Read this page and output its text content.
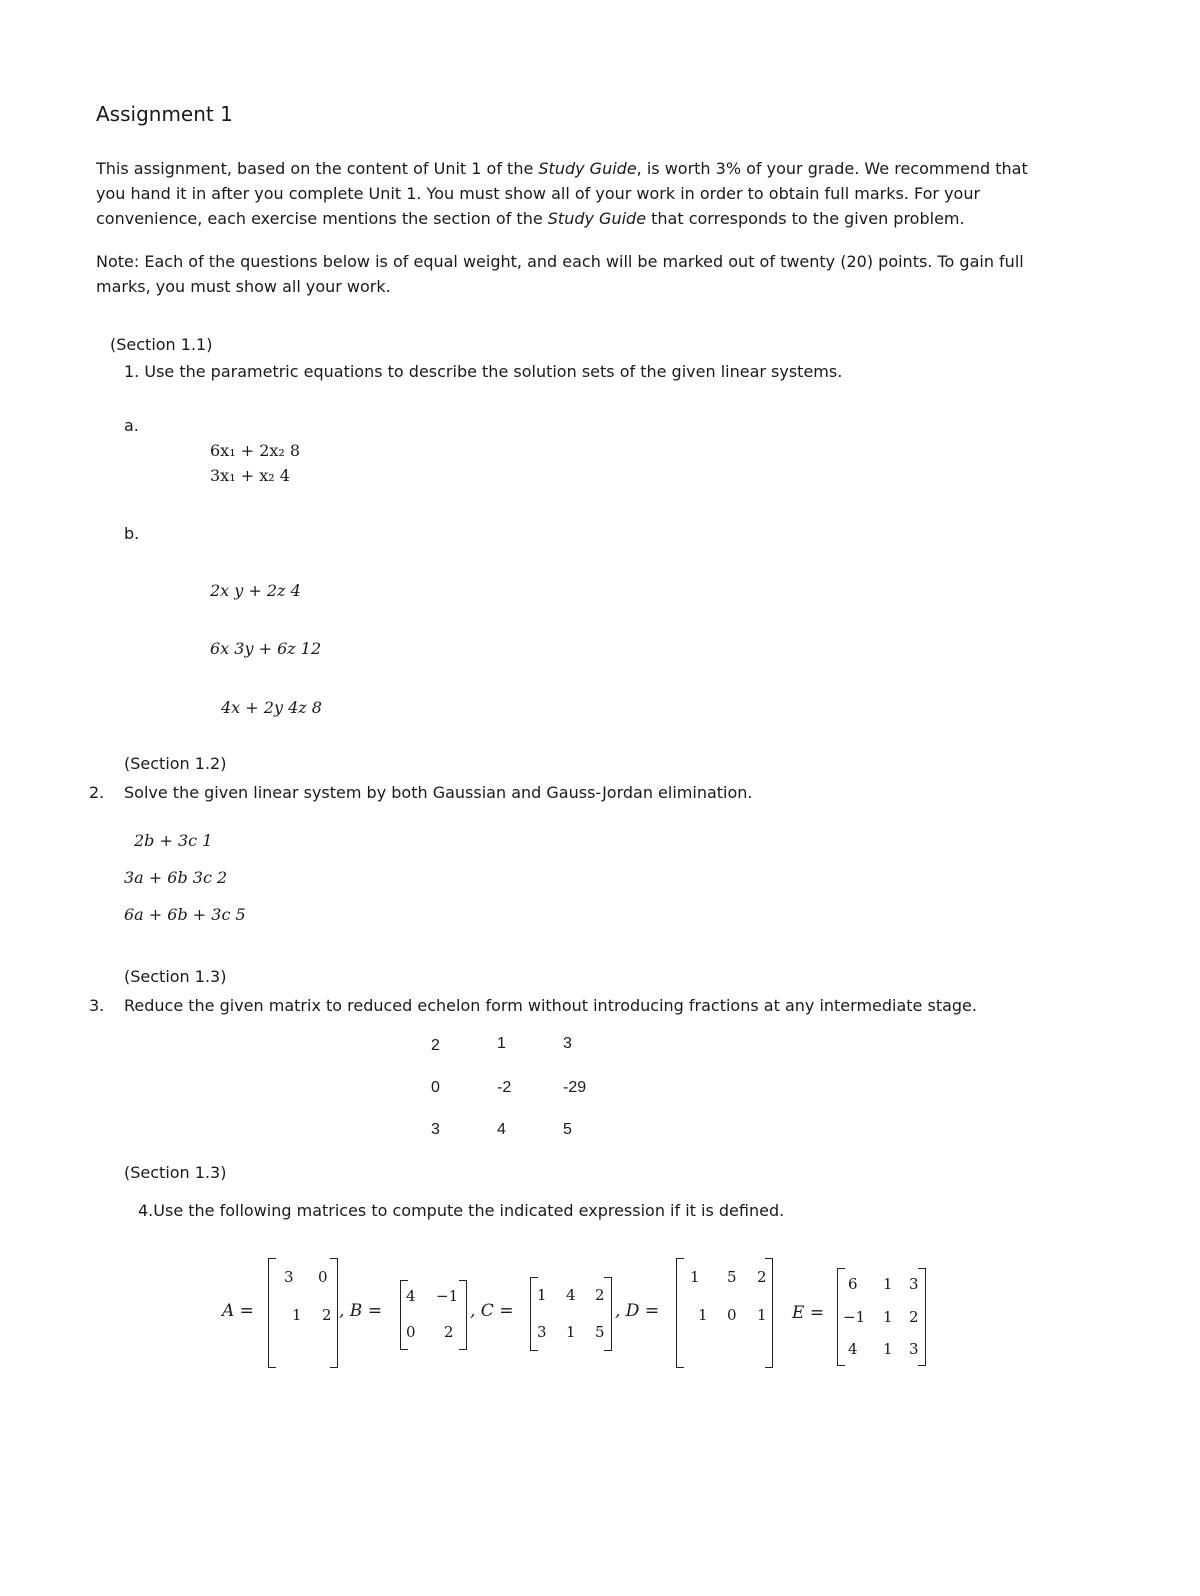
Assignment 1
This assignment, based on the content of Unit 1 of the Study Guide, is worth 3% of your grade. We recommend that you hand it in after you complete Unit 1. You must show all of your work in order to obtain full marks. For your convenience, each exercise mentions the section of the Study Guide that corresponds to the given problem.
Note: Each of the questions below is of equal weight, and each will be marked out of twenty (20) points. To gain full marks, you must show all your work.
(Section 1.1)
1. Use the parametric equations to describe the solution sets of the given linear systems.
a.
6x₁ + 2x₂ 8
3x₁ + x₂ 4
b.
2x y + 2z 4
6x 3y + 6z 12
4x + 2y 4z 8
(Section 1.2)
2. Solve the given linear system by both Gaussian and Gauss-Jordan elimination.
2b + 3c 1
3a + 6b 3c 2
6a + 6b + 3c 5
(Section 1.3)
3. Reduce the given matrix to reduced echelon form without introducing fractions at any intermediate stage.
2	1	3
0	-2	-29
3	4	5
(Section 1.3)
4.Use the following matrices to compute the indicated expression if it is defined.
A =
3 0
1 2 , B =
4 −1
0 2
, C =
1 4 2
3 1 5
, D =
1 5 2
1 0 1 E =
6 1 3
−1 1 2
4 1 3
